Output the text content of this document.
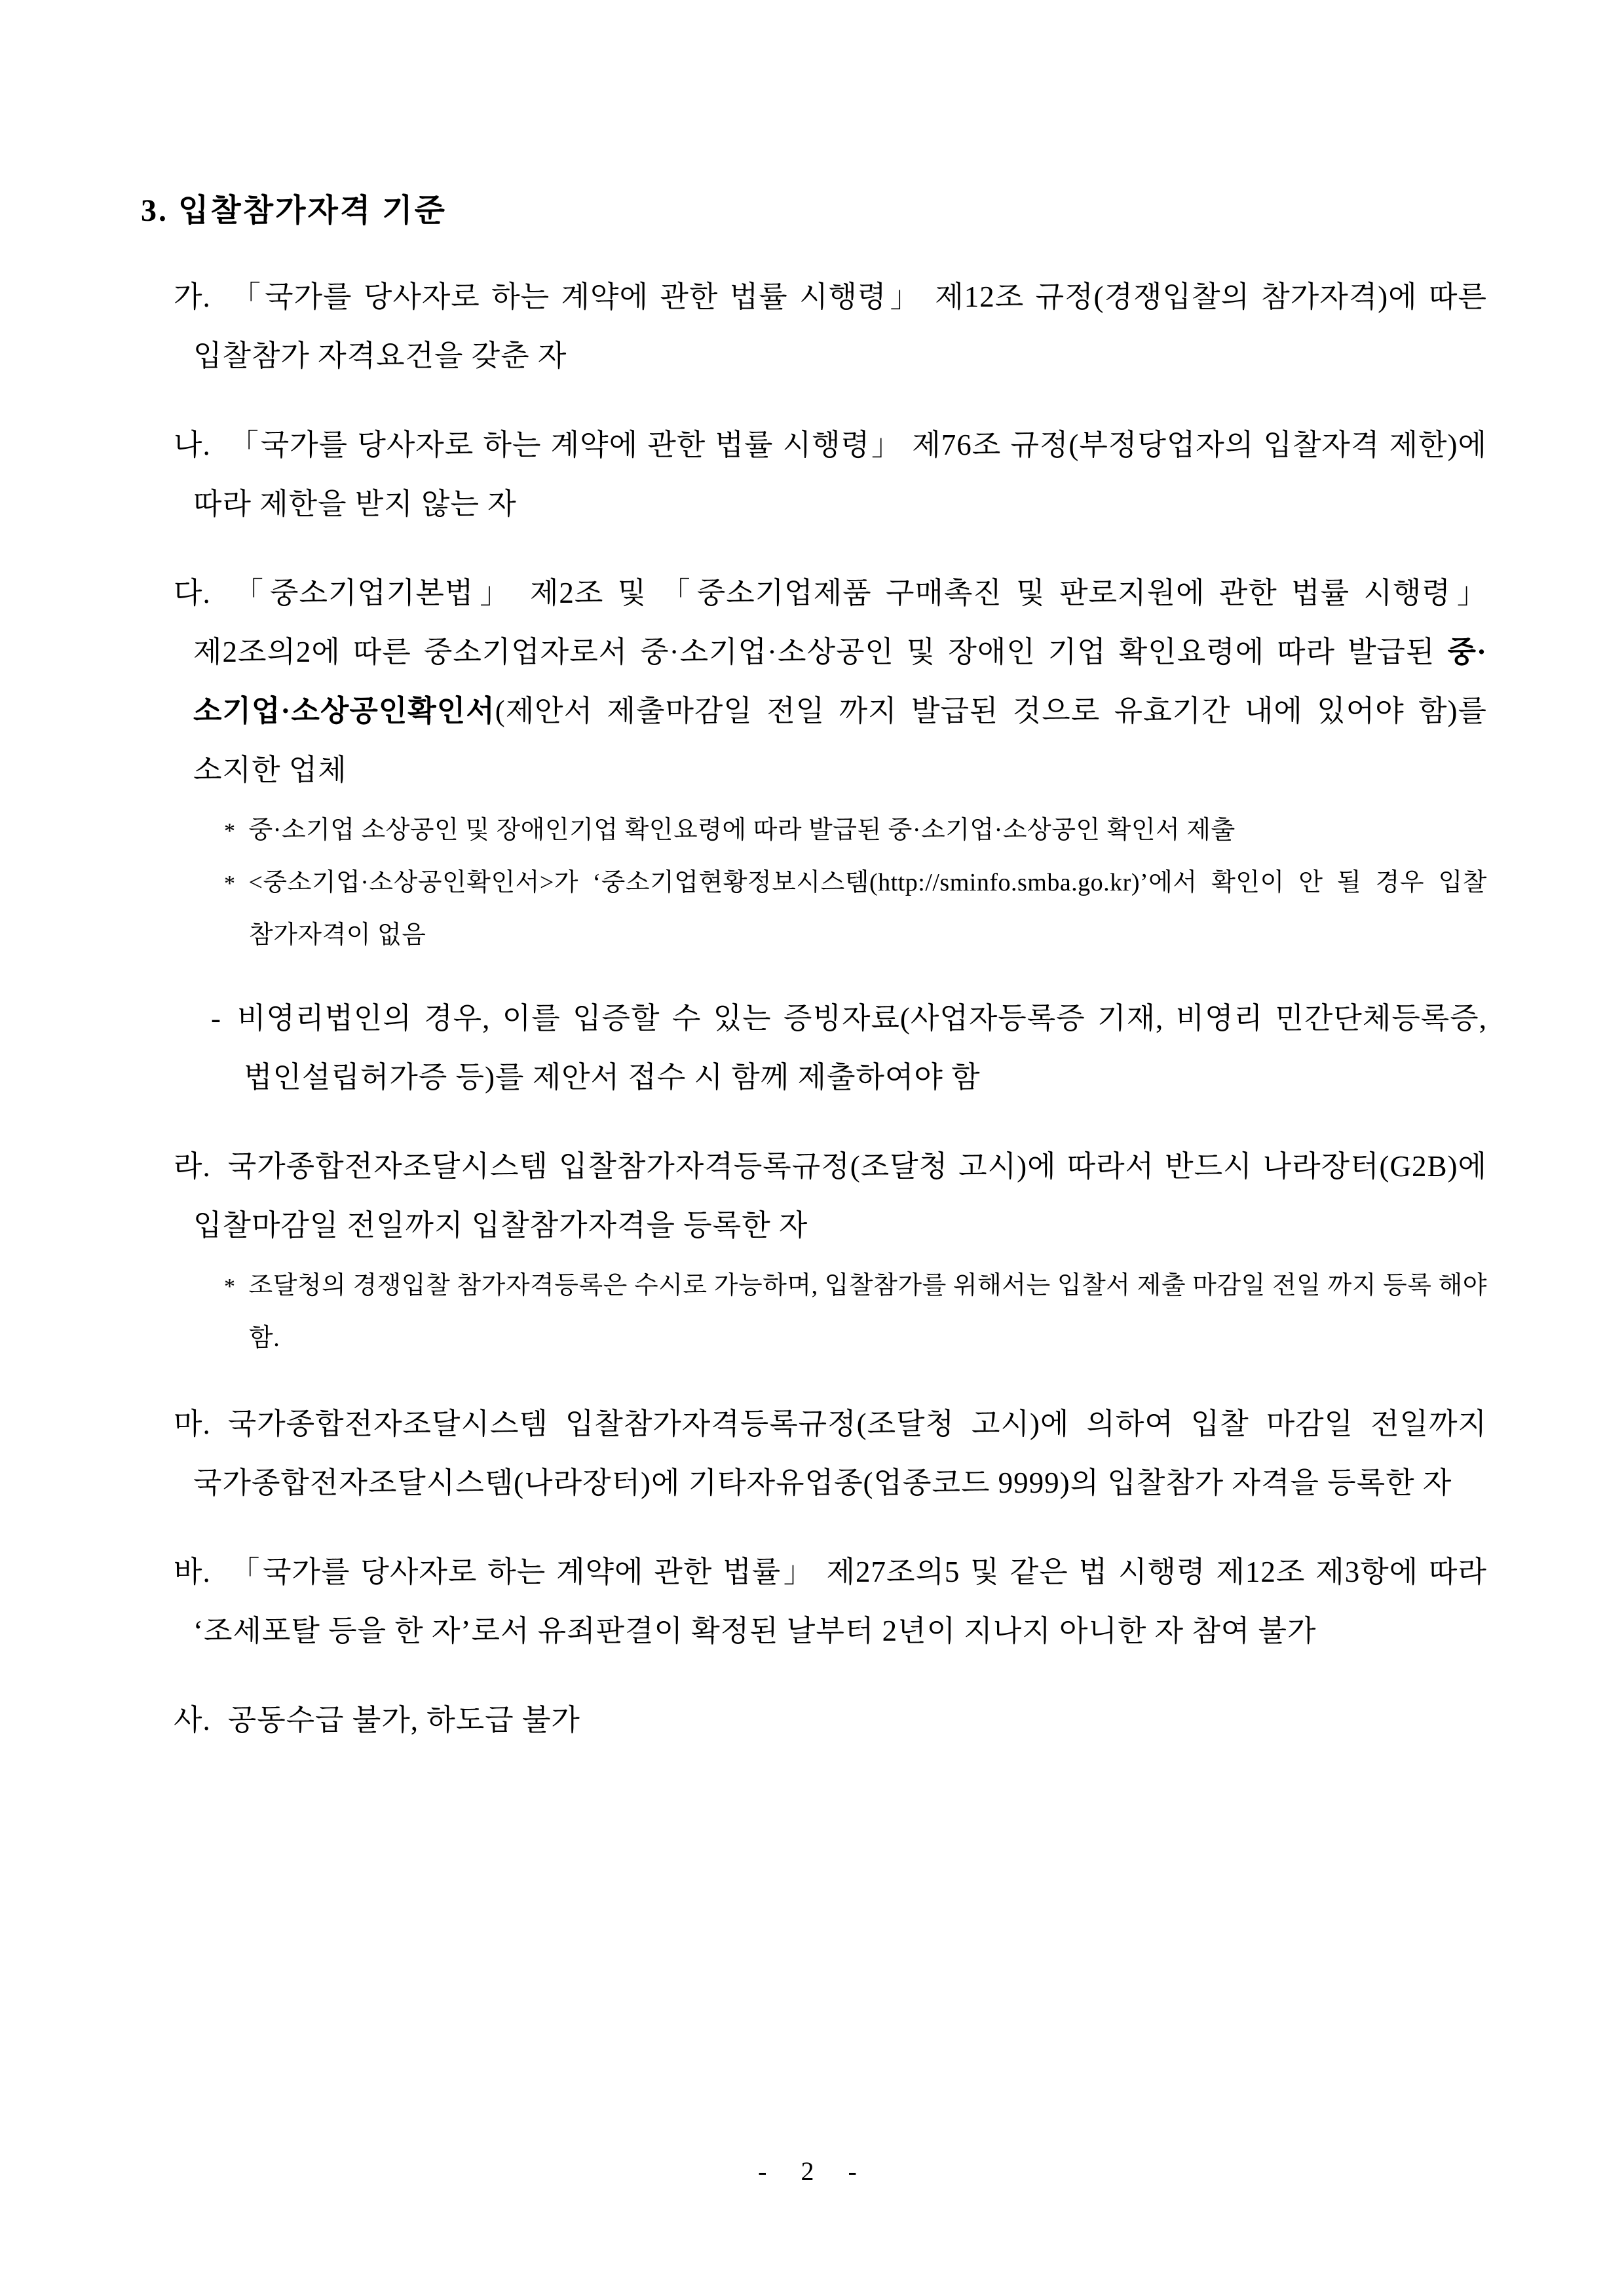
3. 입찰참가자격 기준
가. 「국가를 당사자로 하는 계약에 관한 법률 시행령」 제12조 규정(경쟁입찰의 참가자격)에 따른 입찰참가 자격요건을 갖춘 자
나. 「국가를 당사자로 하는 계약에 관한 법률 시행령」 제76조 규정(부정당업자의 입찰자격 제한)에 따라 제한을 받지 않는 자
다. 「중소기업기본법」 제2조 및 「중소기업제품 구매촉진 및 판로지원에 관한 법률 시행령」 제2조의2에 따른 중소기업자로서 중·소기업·소상공인 및 장애인 기업 확인요령에 따라 발급된 중·소기업·소상공인확인서(제안서 제출마감일 전일 까지 발급된 것으로 유효기간 내에 있어야 함)를 소지한 업체
* 중·소기업 소상공인 및 장애인기업 확인요령에 따라 발급된 중·소기업·소상공인 확인서 제출
* <중소기업·소상공인확인서>가 ‘중소기업현황정보시스템(http://sminfo.smba.go.kr)’에서 확인이 안 될 경우 입찰 참가자격이 없음
- 비영리법인의 경우, 이를 입증할 수 있는 증빙자료(사업자등록증 기재, 비영리 민간단체등록증, 법인설립허가증 등)를 제안서 접수 시 함께 제출하여야 함
라. 국가종합전자조달시스템 입찰참가자격등록규정(조달청 고시)에 따라서 반드시 나라장터(G2B)에 입찰마감일 전일까지 입찰참가자격을 등록한 자
* 조달청의 경쟁입찰 참가자격등록은 수시로 가능하며, 입찰참가를 위해서는 입찰서 제출 마감일 전일 까지 등록 해야 함.
마. 국가종합전자조달시스템 입찰참가자격등록규정(조달청 고시)에 의하여 입찰 마감일 전일까지 국가종합전자조달시스템(나라장터)에 기타자유업종(업종코드 9999)의 입찰참가 자격을 등록한 자
바. 「국가를 당사자로 하는 계약에 관한 법률」 제27조의5 및 같은 법 시행령 제12조 제3항에 따라 ‘조세포탈 등을 한 자’로서 유죄판결이 확정된 날부터 2년이 지나지 아니한 자 참여 불가
사. 공동수급 불가, 하도급 불가
- 2 -
